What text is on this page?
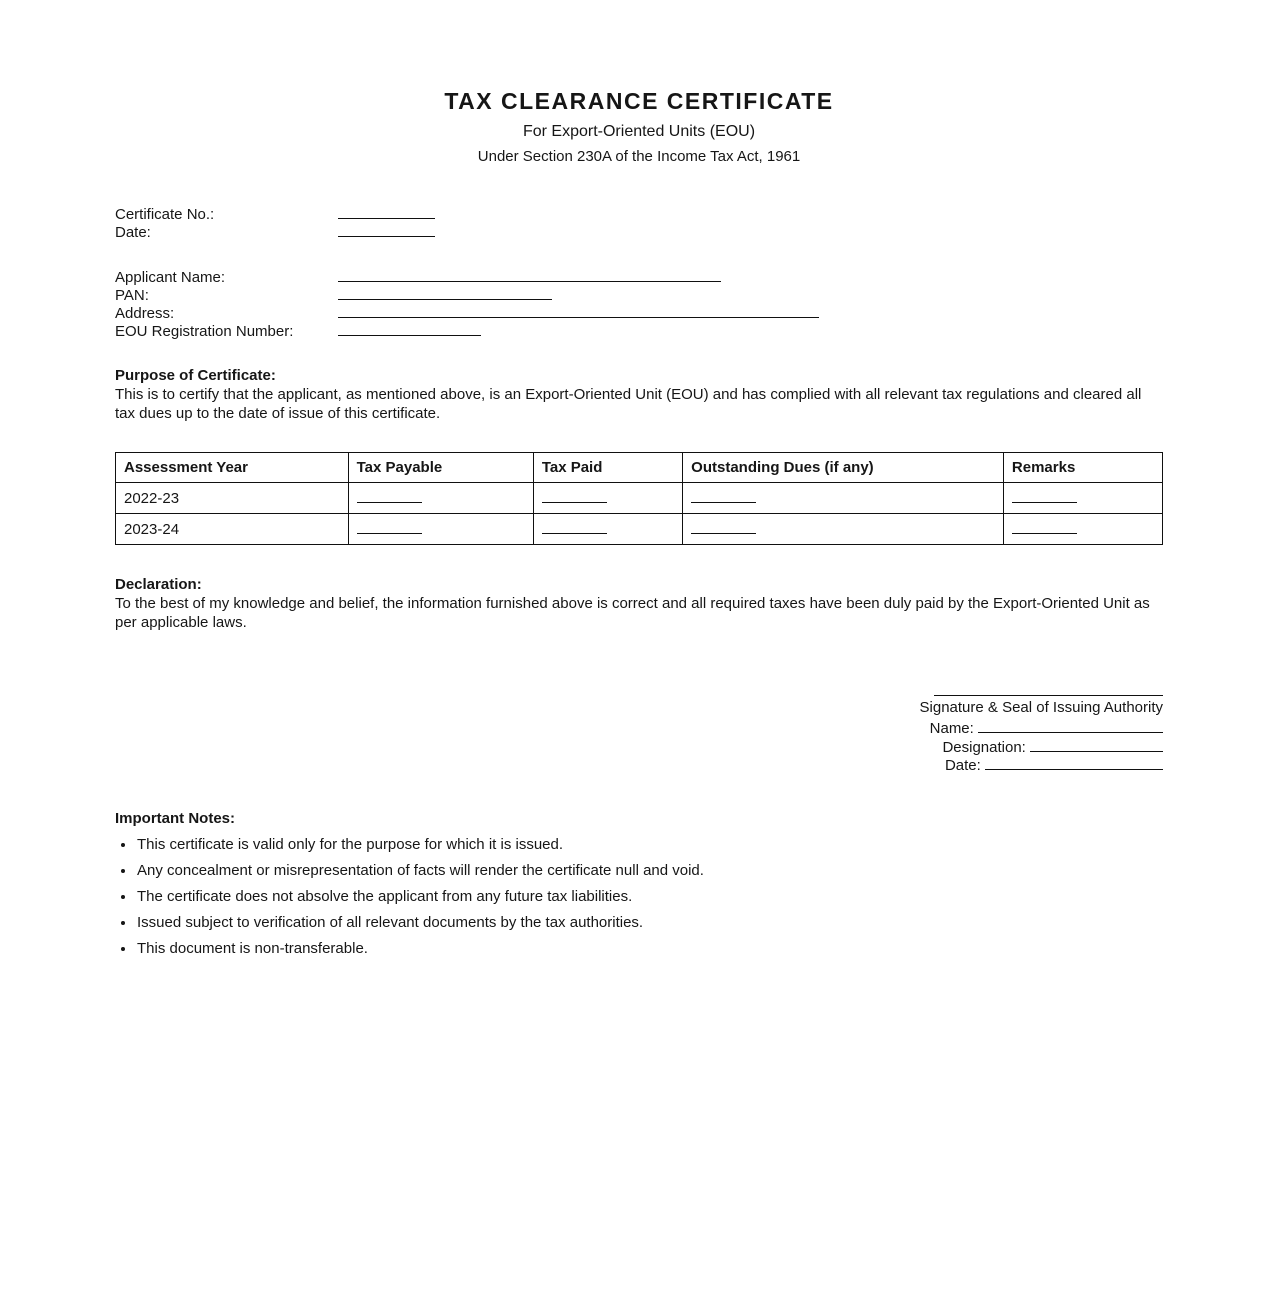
TAX CLEARANCE CERTIFICATE
For Export-Oriented Units (EOU)
Under Section 230A of the Income Tax Act, 1961
Certificate No.:
Date:
Applicant Name:
PAN:
Address:
EOU Registration Number:
Purpose of Certificate:
This is to certify that the applicant, as mentioned above, is an Export-Oriented Unit (EOU) and has complied with all relevant tax regulations and cleared all tax dues up to the date of issue of this certificate.
Assessment Year	Tax Payable	Tax Paid	Outstanding Dues (if any)	Remarks
2022-23				
2023-24				
Declaration:
To the best of my knowledge and belief, the information furnished above is correct and all required taxes have been duly paid by the Export-Oriented Unit as per applicable laws.
Signature & Seal of Issuing Authority
Name:
Designation:
Date:
Important Notes:
• This certificate is valid only for the purpose for which it is issued.
• Any concealment or misrepresentation of facts will render the certificate null and void.
• The certificate does not absolve the applicant from any future tax liabilities.
• Issued subject to verification of all relevant documents by the tax authorities.
• This document is non-transferable.
